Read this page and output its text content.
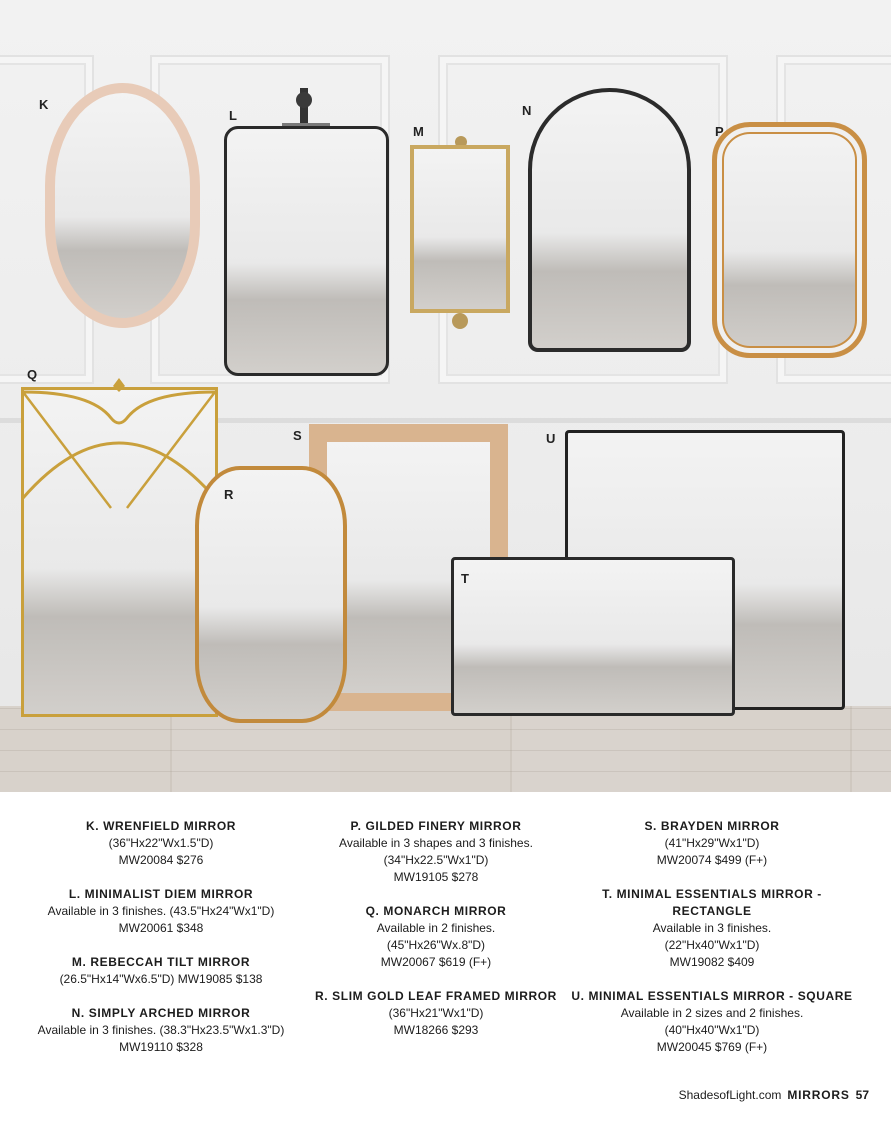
K
L
M
N
P
Q
S	U
R
T
K. WRENFIELD MIRROR
(36"Hx22"Wx1.5"D)
MW20084 $276
L. MINIMALIST DIEM MIRROR
Available in 3 finishes. (43.5"Hx24"Wx1"D)
MW20061 $348
M. REBECCAH TILT MIRROR
(26.5"Hx14"Wx6.5"D) MW19085 $138
N. SIMPLY ARCHED MIRROR
Available in 3 finishes. (38.3"Hx23.5"Wx1.3"D)
MW19110 $328
P. GILDED FINERY MIRROR
Available in 3 shapes and 3 finishes.
(34"Hx22.5"Wx1"D)
MW19105 $278
Q. MONARCH MIRROR
Available in 2 finishes.
(45"Hx26"Wx.8"D)
MW20067 $619 (F+)
R. SLIM GOLD LEAF FRAMED MIRROR
(36"Hx21"Wx1"D)
MW18266 $293
S. BRAYDEN MIRROR
(41"Hx29"Wx1"D)
MW20074 $499 (F+)
T. MINIMAL ESSENTIALS MIRROR - RECTANGLE
Available in 3 finishes.
(22"Hx40"Wx1"D)
MW19082 $409
U. MINIMAL ESSENTIALS MIRROR - SQUARE
Available in 2 sizes and 2 finishes.
(40"Hx40"Wx1"D)
MW20045 $769 (F+)
ShadesofLight.com MIRRORS 57
